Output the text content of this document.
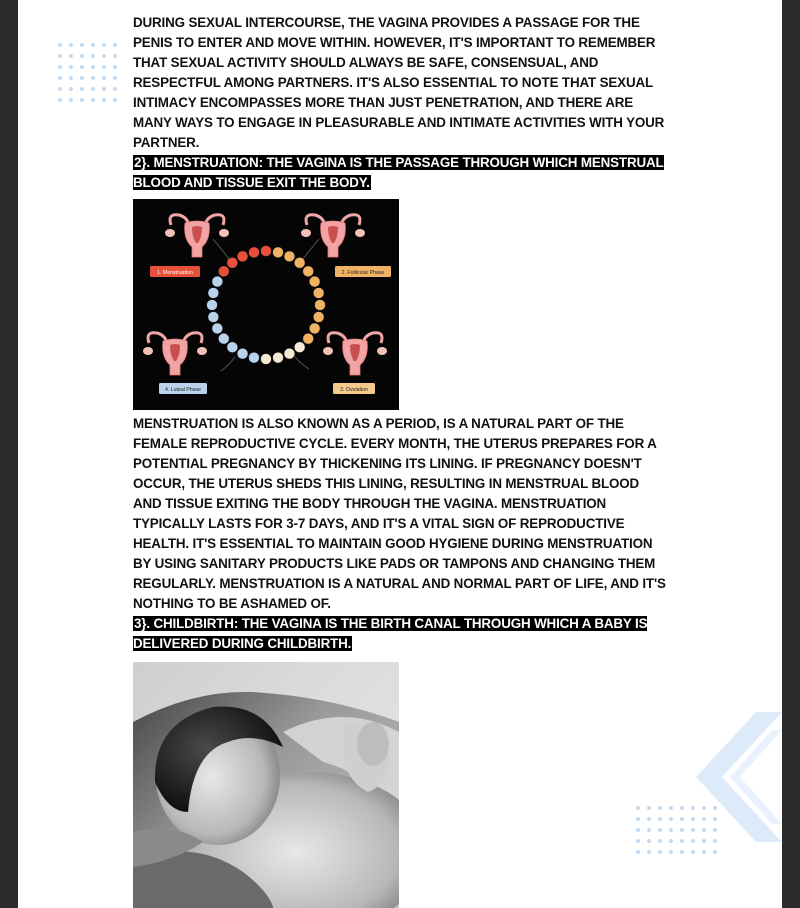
DURING SEXUAL INTERCOURSE, THE VAGINA PROVIDES A PASSAGE FOR THE PENIS TO ENTER AND MOVE WITHIN. HOWEVER, IT'S IMPORTANT TO REMEMBER THAT SEXUAL ACTIVITY SHOULD ALWAYS BE SAFE, CONSENSUAL, AND RESPECTFUL AMONG PARTNERS. IT'S ALSO ESSENTIAL TO NOTE THAT SEXUAL INTIMACY ENCOMPASSES MORE THAN JUST PENETRATION, AND THERE ARE MANY WAYS TO ENGAGE IN PLEASURABLE AND INTIMATE ACTIVITIES WITH YOUR PARTNER.

2}. MENSTRUATION: THE VAGINA IS THE PASSAGE THROUGH WHICH MENSTRUAL BLOOD AND TISSUE EXIT THE BODY.

1. Menstruation	2. Follicular Phase
3. Ovulation
4. Luteal Phase

MENSTRUATION IS ALSO KNOWN AS A PERIOD, IS A NATURAL PART OF THE FEMALE REPRODUCTIVE CYCLE. EVERY MONTH, THE UTERUS PREPARES FOR A POTENTIAL PREGNANCY BY THICKENING ITS LINING. IF PREGNANCY DOESN'T OCCUR, THE UTERUS SHEDS THIS LINING, RESULTING IN MENSTRUAL BLOOD AND TISSUE EXITING THE BODY THROUGH THE VAGINA. MENSTRUATION TYPICALLY LASTS FOR 3-7 DAYS, AND IT'S A VITAL SIGN OF REPRODUCTIVE HEALTH. IT'S ESSENTIAL TO MAINTAIN GOOD HYGIENE DURING MENSTRUATION BY USING SANITARY PRODUCTS LIKE PADS OR TAMPONS AND CHANGING THEM REGULARLY. MENSTRUATION IS A NATURAL AND NORMAL PART OF LIFE, AND IT'S NOTHING TO BE ASHAMED OF.

3}. CHILDBIRTH: THE VAGINA IS THE BIRTH CANAL THROUGH WHICH A BABY IS DELIVERED DURING CHILDBIRTH.
